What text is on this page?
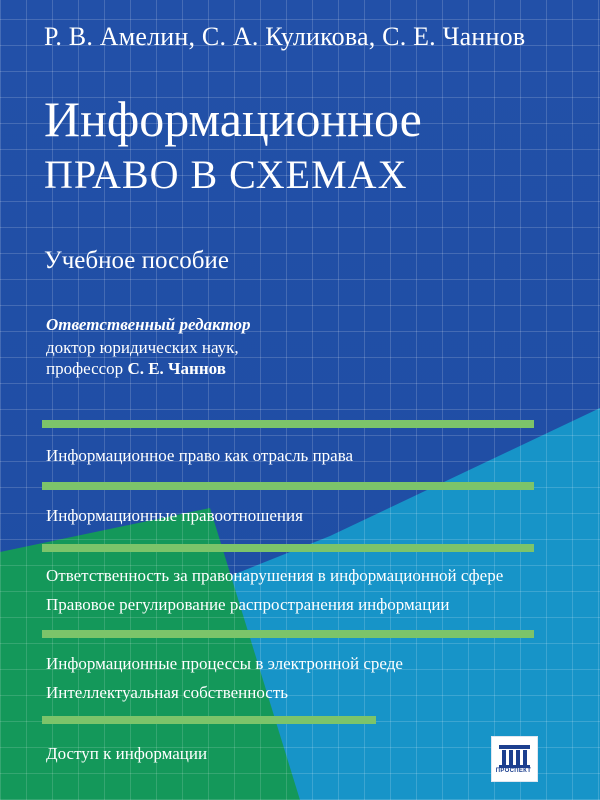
Р. В. Амелин, С. А. Куликова, С. Е. Чаннов
Информационное
ПРАВО В СХЕМАХ
Учебное пособие
Ответственный редактор
доктор юридических наук,
профессор С. Е. Чаннов
Информационное право как отрасль права
Информационные правоотношения
Ответственность за правонарушения в информационной сфере
Правовое регулирование распространения информации
Информационные процессы в электронной среде
Интеллектуальная собственность
Доступ к информации
ПРОСПЕКТ
